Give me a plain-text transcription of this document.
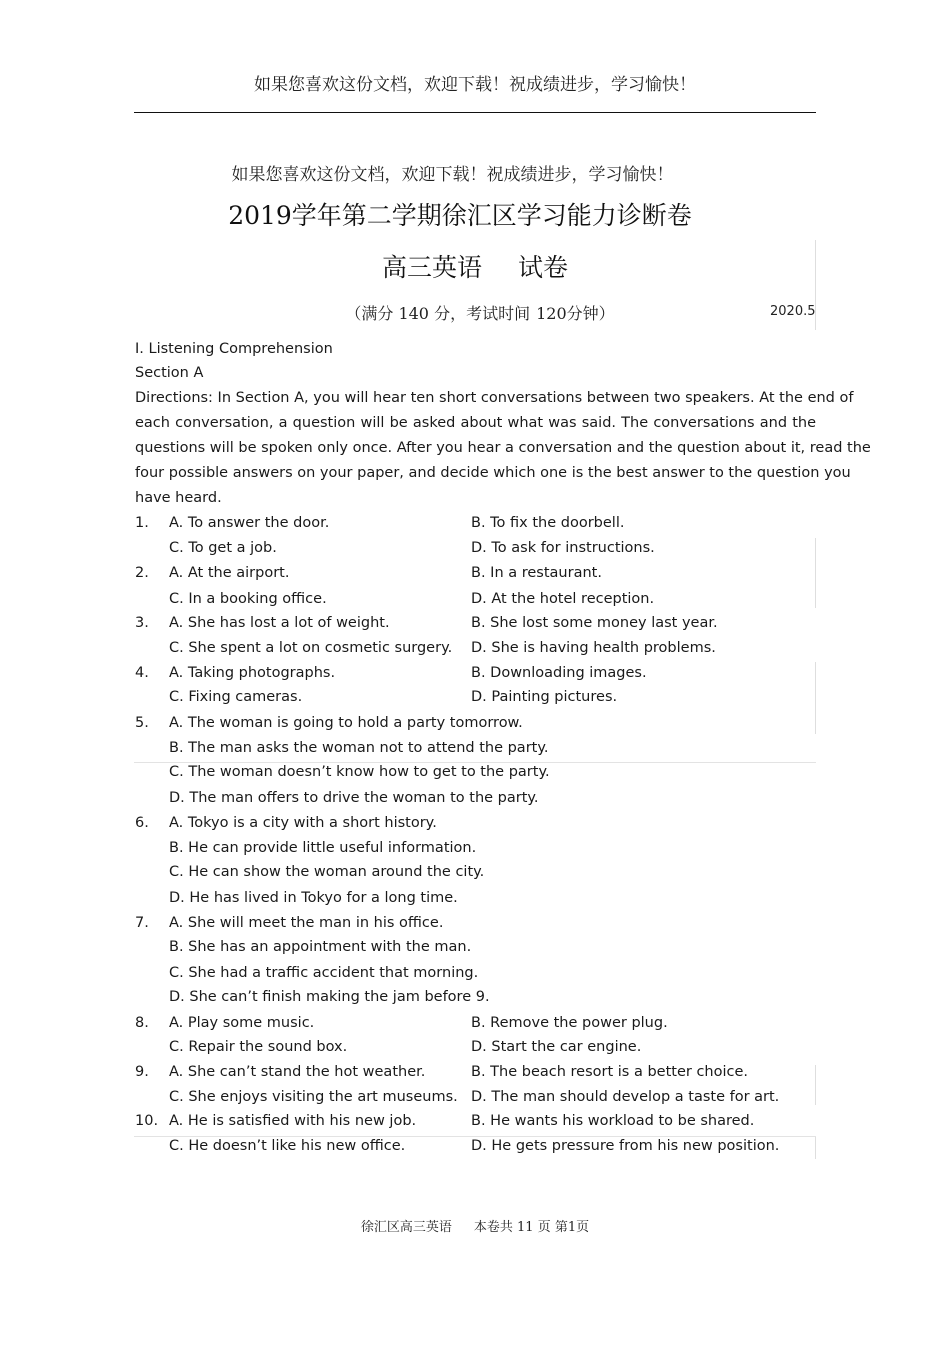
如果您喜欢这份文档，欢迎下载！祝成绩进步，学习愉快！
如果您喜欢这份文档，欢迎下载！祝成绩进步，学习愉快！
2019学年第二学期徐汇区学习能力诊断卷
高三英语 试卷
（满分 140 分，考试时间 120分钟）	2020.5
I. Listening Comprehension
Section A
Directions: In Section A, you will hear ten short conversations between two speakers. At the end of
each conversation, a question will be asked about what was said. The conversations and the
questions will be spoken only once. After you hear a conversation and the question about it, read the
four possible answers on your paper, and decide which one is the best answer to the question you
have heard.
1. A. To answer the door.	B. To fix the doorbell.
C. To get a job.	D. To ask for instructions.
2. A. At the airport.	B. In a restaurant.
C. In a booking office.	D. At the hotel reception.
3. A. She has lost a lot of weight.	B. She lost some money last year.
C. She spent a lot on cosmetic surgery. D. She is having health problems.
4. A. Taking photographs.	B. Downloading images.
C. Fixing cameras.	D. Painting pictures.
5. A. The woman is going to hold a party tomorrow.
B. The man asks the woman not to attend the party.
C. The woman doesn’t know how to get to the party.
D. The man offers to drive the woman to the party.
6. A. Tokyo is a city with a short history.
B. He can provide little useful information.
C. He can show the woman around the city.
D. He has lived in Tokyo for a long time.
7. A. She will meet the man in his office.
B. She has an appointment with the man.
C. She had a traffic accident that morning.
D. She can’t finish making the jam before 9.
8. A. Play some music.	B. Remove the power plug.
C. Repair the sound box.	D. Start the car engine.
9. A. She can’t stand the hot weather.	B. The beach resort is a better choice.
C. She enjoys visiting the art museums. D. The man should develop a taste for art.
10. A. He is satisfied with his new job.	B. He wants his workload to be shared.
C. He doesn’t like his new office.	D. He gets pressure from his new position.
徐汇区高三英语 本卷共 11 页 第1页
